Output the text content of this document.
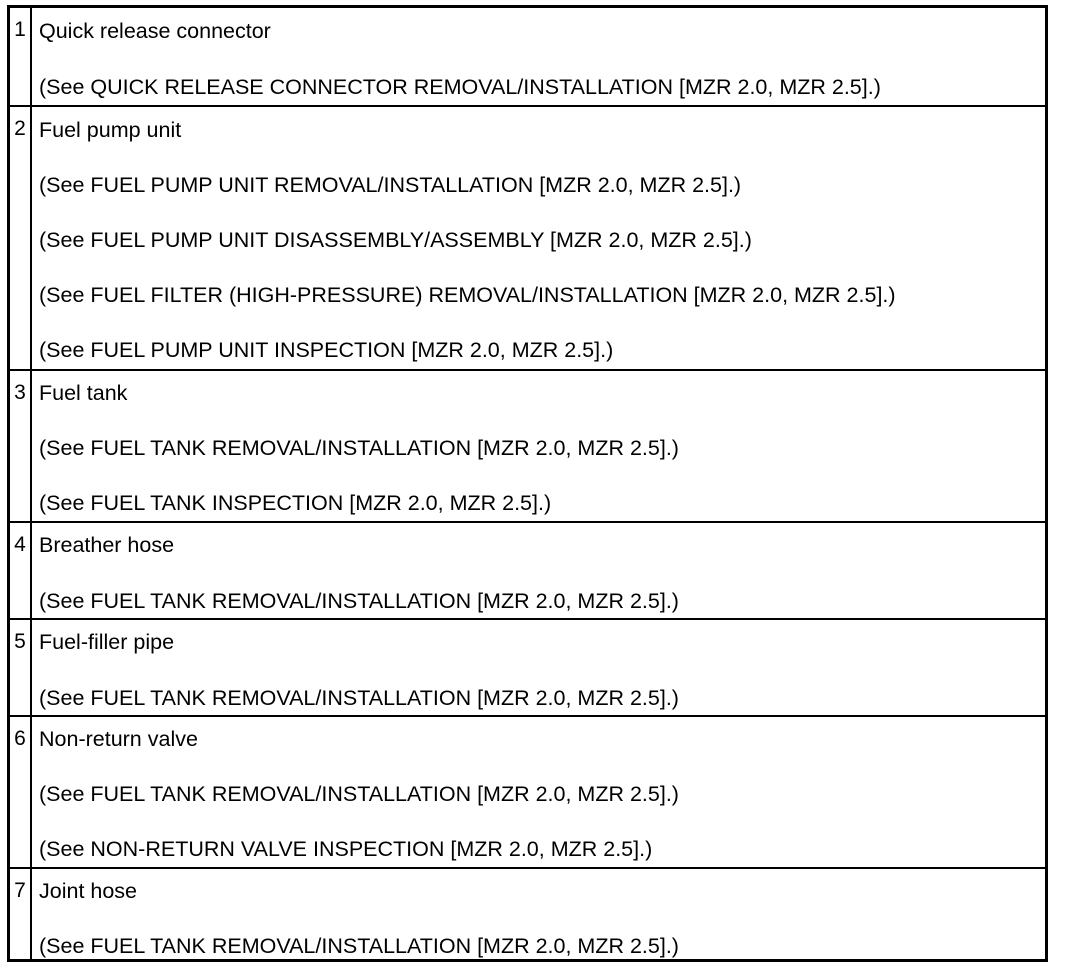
1 Quick release connector
(See QUICK RELEASE CONNECTOR REMOVAL/INSTALLATION [MZR 2.0, MZR 2.5].)
2 Fuel pump unit
(See FUEL PUMP UNIT REMOVAL/INSTALLATION [MZR 2.0, MZR 2.5].)
(See FUEL PUMP UNIT DISASSEMBLY/ASSEMBLY [MZR 2.0, MZR 2.5].)
(See FUEL FILTER (HIGH-PRESSURE) REMOVAL/INSTALLATION [MZR 2.0, MZR 2.5].)
(See FUEL PUMP UNIT INSPECTION [MZR 2.0, MZR 2.5].)
3 Fuel tank
(See FUEL TANK REMOVAL/INSTALLATION [MZR 2.0, MZR 2.5].)
(See FUEL TANK INSPECTION [MZR 2.0, MZR 2.5].)
4 Breather hose
(See FUEL TANK REMOVAL/INSTALLATION [MZR 2.0, MZR 2.5].)
5 Fuel-filler pipe
(See FUEL TANK REMOVAL/INSTALLATION [MZR 2.0, MZR 2.5].)
6 Non-return valve
(See FUEL TANK REMOVAL/INSTALLATION [MZR 2.0, MZR 2.5].)
(See NON-RETURN VALVE INSPECTION [MZR 2.0, MZR 2.5].)
7 Joint hose
(See FUEL TANK REMOVAL/INSTALLATION [MZR 2.0, MZR 2.5].)
